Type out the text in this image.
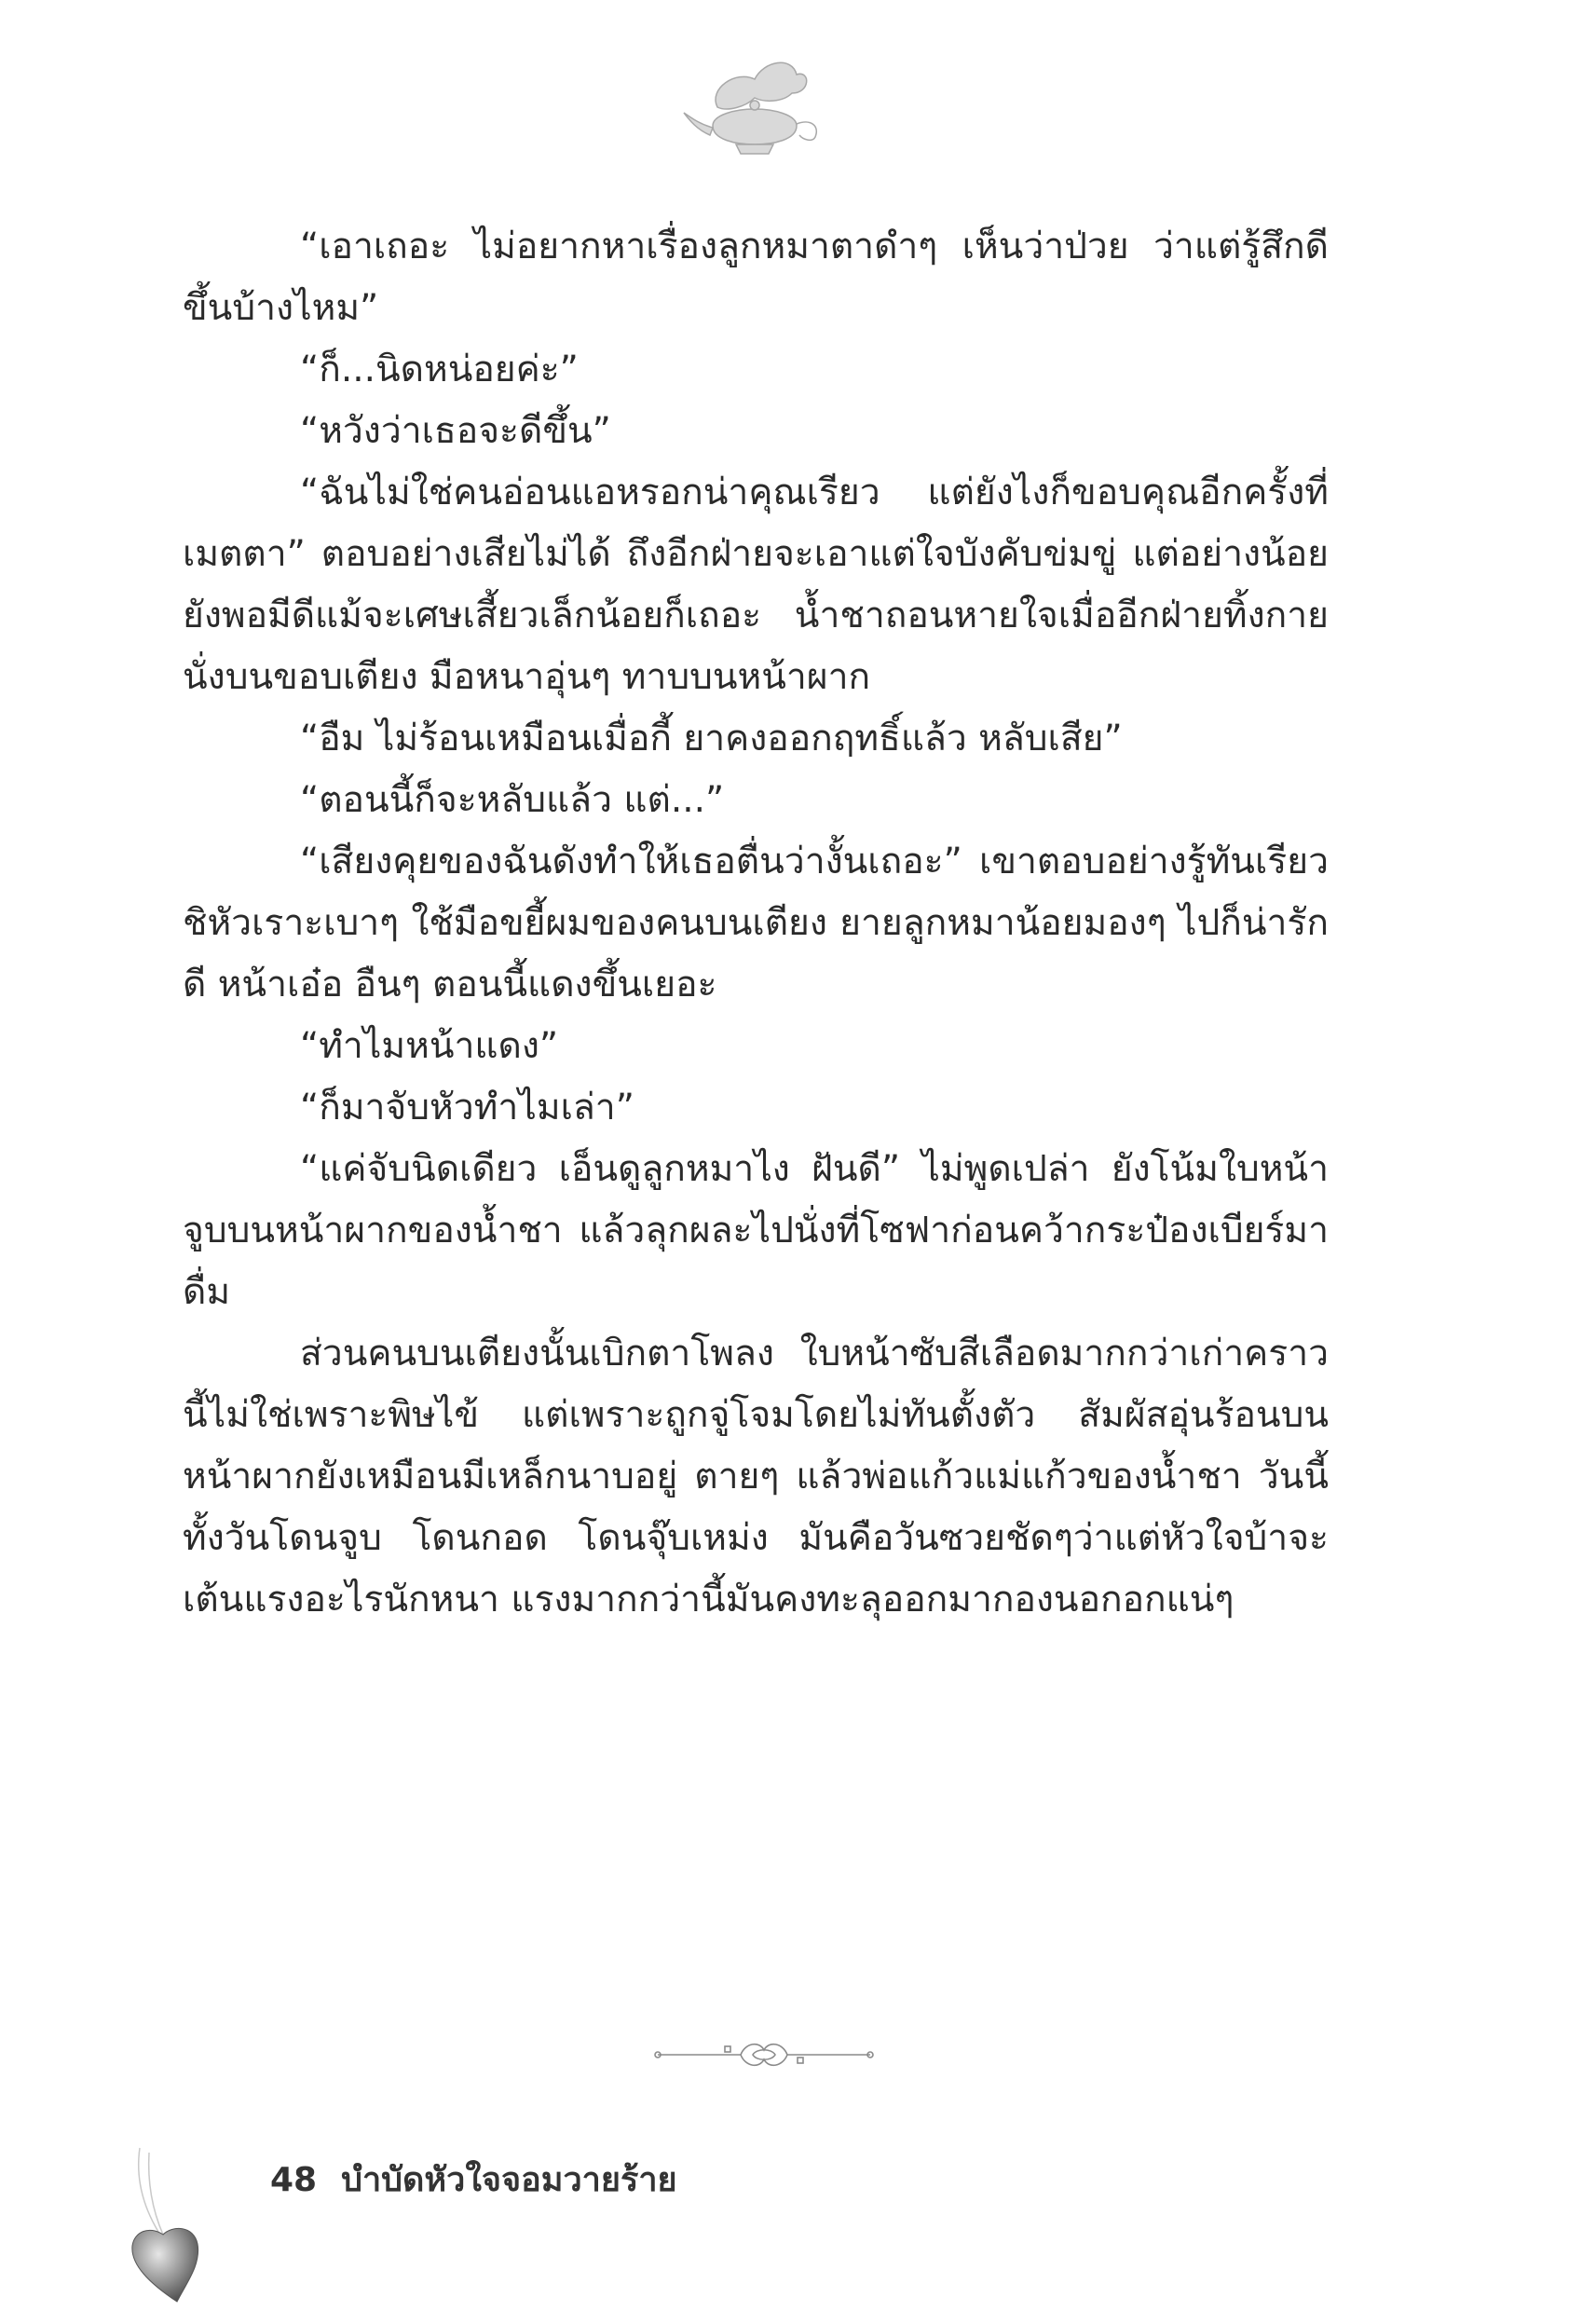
“เอาเถอะ ไม่อยากหาเรื่องลูกหมาตาดำๆ เห็นว่าป่วย ว่าแต่รู้สึกดีขึ้นบ้างไหม”

“ก็...นิดหน่อยค่ะ”

“หวังว่าเธอจะดีขึ้น”

“ฉันไม่ใช่คนอ่อนแอหรอกน่าคุณเรียว แต่ยังไงก็ขอบคุณอีกครั้งที่เมตตา” ตอบอย่างเสียไม่ได้ ถึงอีกฝ่ายจะเอาแต่ใจบังคับข่มขู่ แต่อย่างน้อยยังพอมีดีแม้จะเศษเสี้ยวเล็กน้อยก็เถอะ น้ำชาถอนหายใจเมื่ออีกฝ่ายทิ้งกายนั่งบนขอบเตียง มือหนาอุ่นๆ ทาบบนหน้าผาก

“อืม ไม่ร้อนเหมือนเมื่อกี้ ยาคงออกฤทธิ์แล้ว หลับเสีย”

“ตอนนี้ก็จะหลับแล้ว แต่...”

“เสียงคุยของฉันดังทำให้เธอตื่นว่างั้นเถอะ” เขาตอบอย่างรู้ทันเรียวชิหัวเราะเบาๆ ใช้มือขยี้ผมของคนบนเตียง ยายลูกหมาน้อยมองๆ ไปก็น่ารักดี หน้าเอ๋อ อืนๆ ตอนนี้แดงขึ้นเยอะ

“ทำไมหน้าแดง”

“ก็มาจับหัวทำไมเล่า”

“แค่จับนิดเดียว เอ็นดูลูกหมาไง ฝันดี” ไม่พูดเปล่า ยังโน้มใบหน้าจูบบนหน้าผากของน้ำชา แล้วลุกผละไปนั่งที่โซฟาก่อนคว้ากระป๋องเบียร์มาดื่ม

ส่วนคนบนเตียงนั้นเบิกตาโพลง ใบหน้าซับสีเลือดมากกว่าเก่าคราวนี้ไม่ใช่เพราะพิษไข้ แต่เพราะถูกจู่โจมโดยไม่ทันตั้งตัว สัมผัสอุ่นร้อนบนหน้าผากยังเหมือนมีเหล็กนาบอยู่ ตายๆ แล้วพ่อแก้วแม่แก้วของน้ำชา วันนี้ทั้งวันโดนจูบ โดนกอด โดนจุ๊บเหม่ง มันคือวันซวยชัดๆว่าแต่หัวใจบ้าจะเต้นแรงอะไรนักหนา แรงมากกว่านี้มันคงทะลุออกมากองนอกอกแน่ๆ

48 บำบัดหัวใจจอมวายร้าย
